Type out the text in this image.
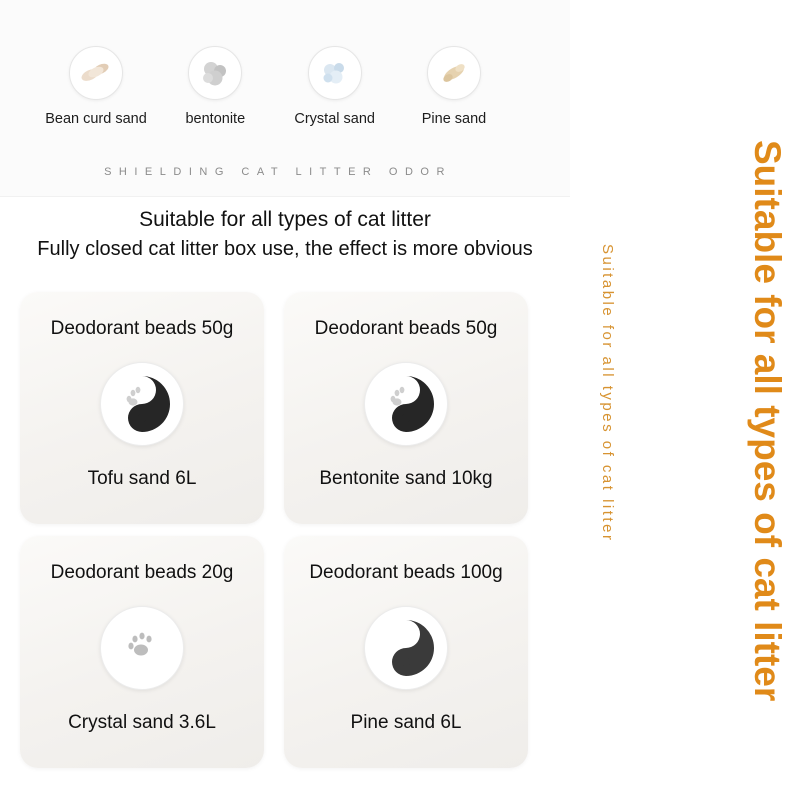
Bean curd sand	bentonite	Crystal sand	Pine sand
SHIELDING CAT LITTER ODOR
Suitable for all types of cat litter
Fully closed cat litter box use, the effect is more obvious
Deodorant beads 50g
Tofu sand 6L
Deodorant beads 50g
Bentonite sand 10kg
Deodorant beads 20g
Crystal sand 3.6L
Deodorant beads 100g
Pine sand 6L
Suitable for all types of cat litter	Suitable for all types of cat litter
